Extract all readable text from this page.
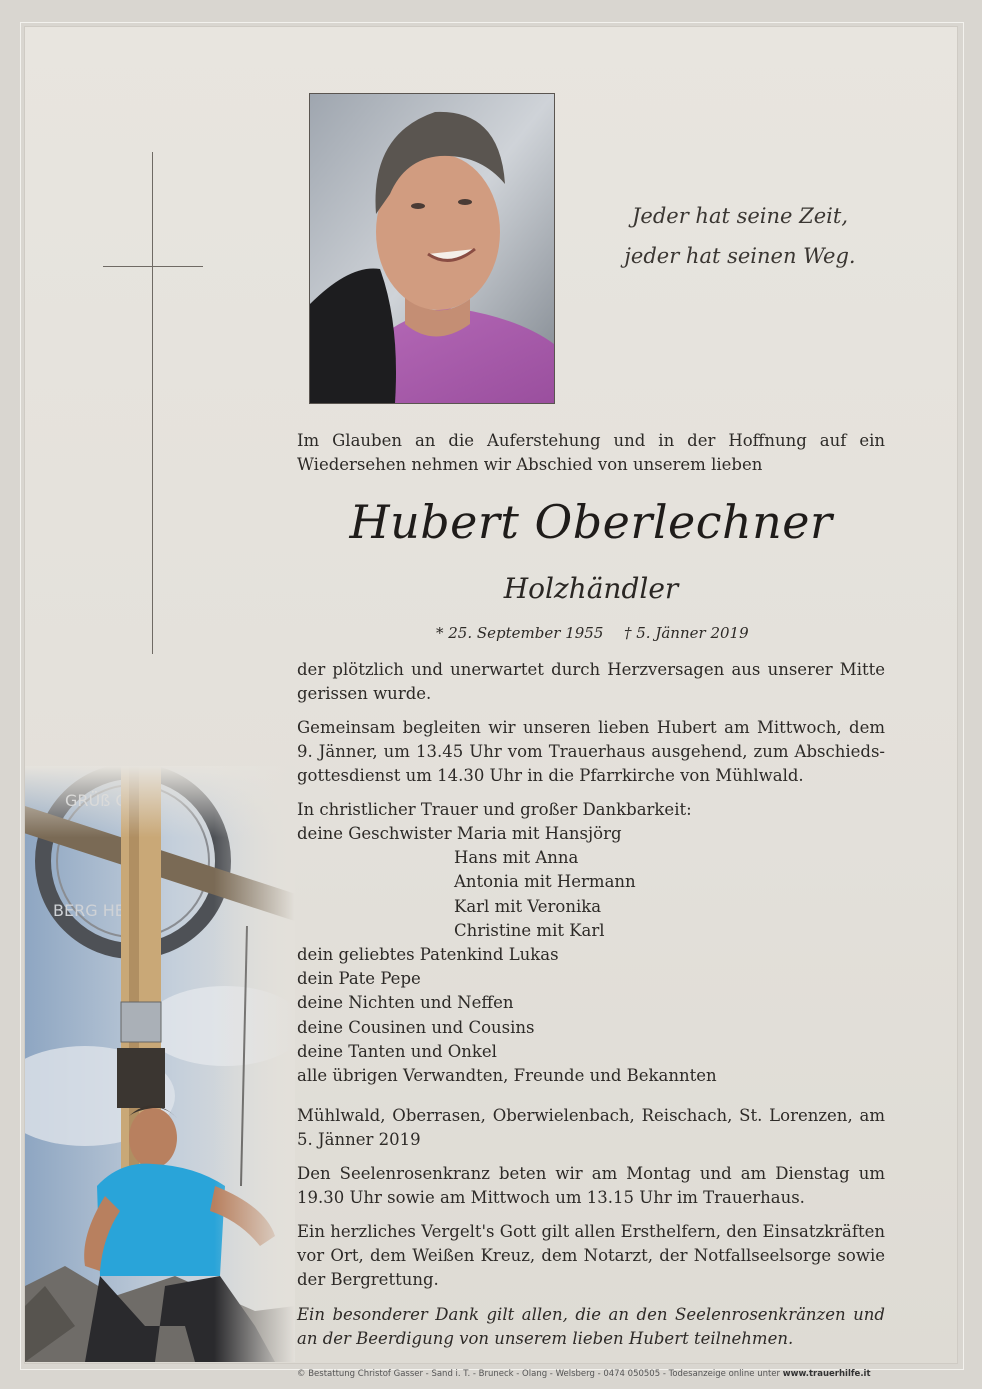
Jeder hat seine Zeit,
jeder hat seinen Weg.
Im Glauben an die Auferstehung und in der Hoffnung auf ein Wiedersehen nehmen wir Abschied von unserem lieben
Hubert Oberlechner
Holzhändler
* 25. September 1955 † 5. Jänner 2019
der plötzlich und unerwartet durch Herzversagen aus unserer Mitte gerissen wurde.
Gemeinsam begleiten wir unseren lieben Hubert am Mittwoch, dem 9. Jänner, um 13.45 Uhr vom Trauerhaus ausgehend, zum Abschieds-gottesdienst um 14.30 Uhr in die Pfarrkirche von Mühlwald.
In christlicher Trauer und großer Dankbarkeit:
deine Geschwister Maria mit Hansjörg
Hans mit Anna
Antonia mit Hermann
Karl mit Veronika
Christine mit Karl
dein geliebtes Patenkind Lukas
dein Pate Pepe
deine Nichten und Neffen
deine Cousinen und Cousins
deine Tanten und Onkel
alle übrigen Verwandten, Freunde und Bekannten
Mühlwald, Oberrasen, Oberwielenbach, Reischach, St. Lorenzen, am 5. Jänner 2019
Den Seelenrosenkranz beten wir am Montag und am Dienstag um 19.30 Uhr sowie am Mittwoch um 13.15 Uhr im Trauerhaus.
Ein herzliches Vergelt's Gott gilt allen Ersthelfern, den Einsatzkräften vor Ort, dem Weißen Kreuz, dem Notarzt, der Notfallseelsorge sowie der Bergrettung.
Ein besonderer Dank gilt allen, die an den Seelenrosenkränzen und an der Beerdigung von unserem lieben Hubert teilnehmen.
© Bestattung Christof Gasser - Sand i. T. - Bruneck - Olang - Welsberg - 0474 050505 - Todesanzeige online unter www.trauerhilfe.it
